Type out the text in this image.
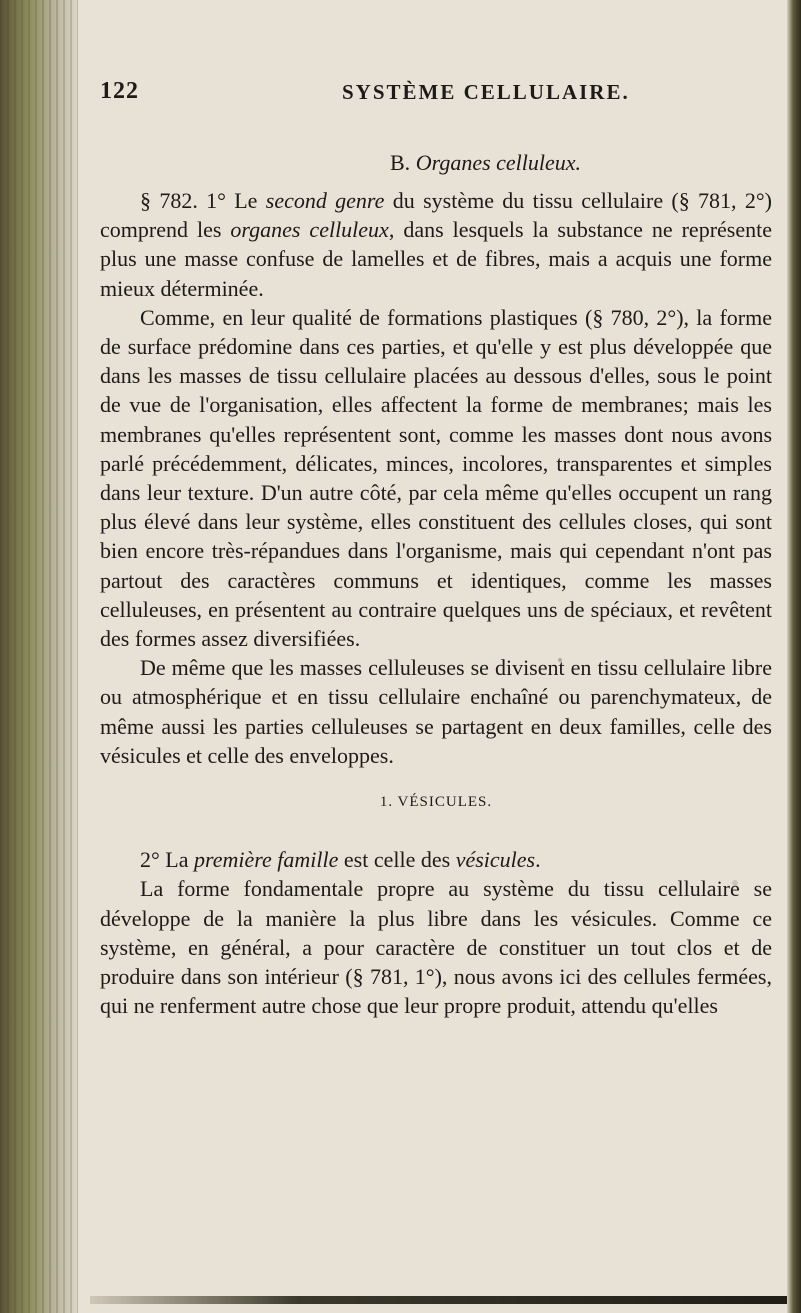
122	SYSTÈME CELLULAIRE.
B. Organes celluleux.

§ 782. 1° Le second genre du système du tissu cellulaire (§ 781, 2°) comprend les organes celluleux, dans lesquels la substance ne représente plus une masse confuse de lamelles et de fibres, mais a acquis une forme mieux déterminée.

Comme, en leur qualité de formations plastiques (§ 780, 2°), la forme de surface prédomine dans ces parties, et qu'elle y est plus développée que dans les masses de tissu cellulaire placées au dessous d'elles, sous le point de vue de l'organisation, elles affectent la forme de membranes; mais les membranes qu'elles représentent sont, comme les masses dont nous avons parlé précédemment, délicates, minces, incolores, transparentes et simples dans leur texture. D'un autre côté, par cela même qu'elles occupent un rang plus élevé dans leur système, elles constituent des cellules closes, qui sont bien encore très-répandues dans l'organisme, mais qui cependant n'ont pas partout des caractères communs et identiques, comme les masses celluleuses, en présentent au contraire quelques uns de spéciaux, et revêtent des formes assez diversifiées.

De même que les masses celluleuses se divisent en tissu cellulaire libre ou atmosphérique et en tissu cellulaire enchaîné ou parenchymateux, de même aussi les parties celluleuses se partagent en deux familles, celle des vésicules et celle des enveloppes.

1. VÉSICULES.

2° La première famille est celle des vésicules.

La forme fondamentale propre au système du tissu cellulaire se développe de la manière la plus libre dans les vésicules. Comme ce système, en général, a pour caractère de constituer un tout clos et de produire dans son intérieur (§ 781, 1°), nous avons ici des cellules fermées, qui ne renferment autre chose que leur propre produit, attendu qu'elles
